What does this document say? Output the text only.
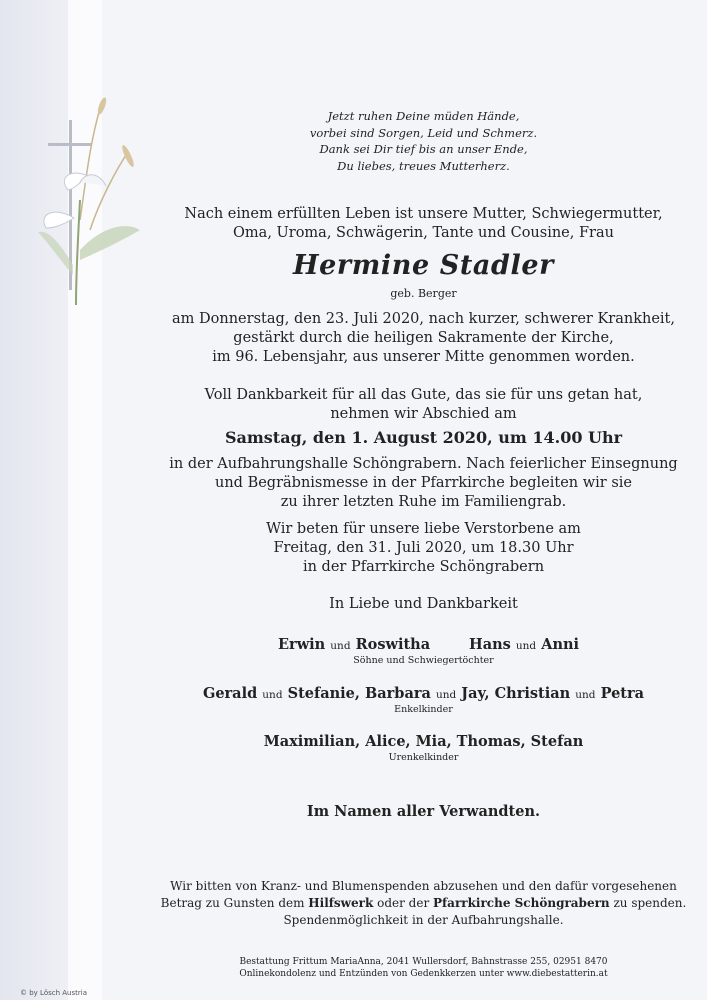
Jetzt ruhen Deine müden Hände,
vorbei sind Sorgen, Leid und Schmerz.
Dank sei Dir tief bis an unser Ende,
Du liebes, treues Mutterherz.
Nach einem erfüllten Leben ist unsere Mutter, Schwiegermutter,
Oma, Uroma, Schwägerin, Tante und Cousine, Frau
Hermine Stadler
geb. Berger
am Donnerstag, den 23. Juli 2020, nach kurzer, schwerer Krankheit,
gestärkt durch die heiligen Sakramente der Kirche,
im 96. Lebensjahr, aus unserer Mitte genommen worden.
Voll Dankbarkeit für all das Gute, das sie für uns getan hat,
nehmen wir Abschied am
Samstag, den 1. August 2020, um 14.00 Uhr
in der Aufbahrungshalle Schöngrabern. Nach feierlicher Einsegnung
und Begräbnismesse in der Pfarrkirche begleiten wir sie
zu ihrer letzten Ruhe im Familiengrab.
Wir beten für unsere liebe Verstorbene am
Freitag, den 31. Juli 2020, um 18.30 Uhr
in der Pfarrkirche Schöngrabern
In Liebe und Dankbarkeit
Erwin und Roswitha	Hans und Anni
Söhne und Schwiegertöchter
Gerald und Stefanie, Barbara und Jay, Christian und Petra
Enkelkinder
Maximilian, Alice, Mia, Thomas, Stefan
Urenkelkinder
Im Namen aller Verwandten.
Wir bitten von Kranz- und Blumenspenden abzusehen und den dafür vorgesehenen
Betrag zu Gunsten dem Hilfswerk oder der Pfarrkirche Schöngrabern zu spenden.
Spendenmöglichkeit in der Aufbahrungshalle.
Bestattung Frittum MariaAnna, 2041 Wullersdorf, Bahnstrasse 255, 02951 8470
Onlinekondolenz und Entzünden von Gedenkkerzen unter www.diebestatterin.at
© by Lösch Austria
